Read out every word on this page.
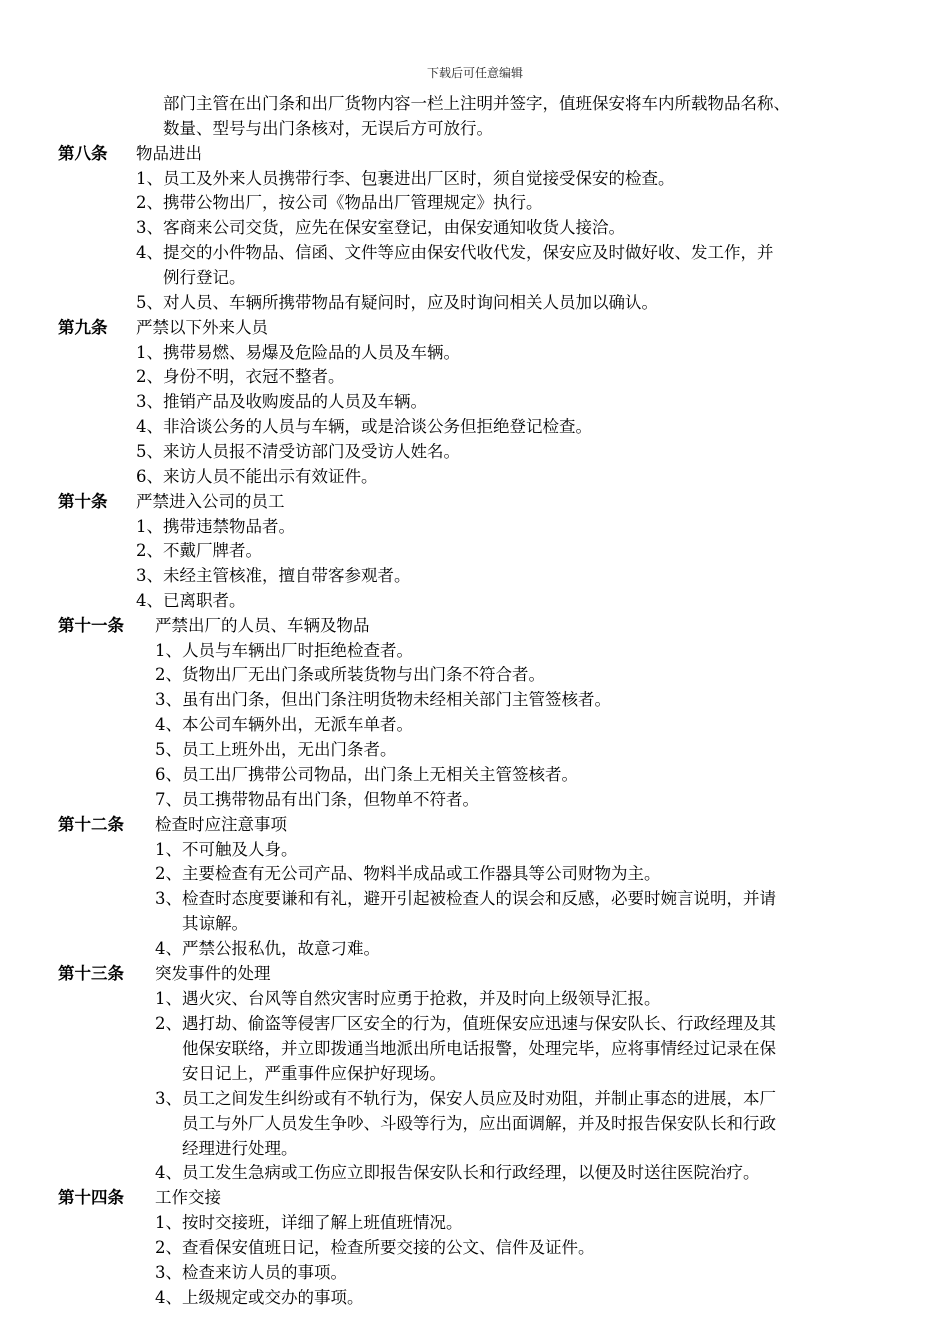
下载后可任意编辑
部门主管在出门条和出厂货物内容一栏上注明并签字，值班保安将车内所载物品名称、
数量、型号与出门条核对，无误后方可放行。
第八条 物品进出
1、员工及外来人员携带行李、包裹进出厂区时，须自觉接受保安的检查。
2、携带公物出厂，按公司《物品出厂管理规定》执行。
3、客商来公司交货，应先在保安室登记，由保安通知收货人接洽。
4、提交的小件物品、信函、文件等应由保安代收代发，保安应及时做好收、发工作，并
例行登记。
5、对人员、车辆所携带物品有疑问时，应及时询问相关人员加以确认。
第九条 严禁以下外来人员
1、携带易燃、易爆及危险品的人员及车辆。
2、身份不明，衣冠不整者。
3、推销产品及收购废品的人员及车辆。
4、非洽谈公务的人员与车辆，或是洽谈公务但拒绝登记检查。
5、来访人员报不清受访部门及受访人姓名。
6、来访人员不能出示有效证件。
第十条 严禁进入公司的员工
1、携带违禁物品者。
2、不戴厂牌者。
3、未经主管核准，擅自带客参观者。
4、已离职者。
第十一条 严禁出厂的人员、车辆及物品
1、人员与车辆出厂时拒绝检查者。
2、货物出厂无出门条或所装货物与出门条不符合者。
3、虽有出门条，但出门条注明货物未经相关部门主管签核者。
4、本公司车辆外出，无派车单者。
5、员工上班外出，无出门条者。
6、员工出厂携带公司物品，出门条上无相关主管签核者。
7、员工携带物品有出门条，但物单不符者。
第十二条 检查时应注意事项
1、不可触及人身。
2、主要检查有无公司产品、物料半成品或工作器具等公司财物为主。
3、检查时态度要谦和有礼，避开引起被检查人的误会和反感，必要时婉言说明，并请
其谅解。
4、严禁公报私仇，故意刁难。
第十三条 突发事件的处理
1、遇火灾、台风等自然灾害时应勇于抢救，并及时向上级领导汇报。
2、遇打劫、偷盗等侵害厂区安全的行为，值班保安应迅速与保安队长、行政经理及其
他保安联络，并立即拨通当地派出所电话报警，处理完毕，应将事情经过记录在保
安日记上，严重事件应保护好现场。
3、员工之间发生纠纷或有不轨行为，保安人员应及时劝阻，并制止事态的进展，本厂
员工与外厂人员发生争吵、斗殴等行为，应出面调解，并及时报告保安队长和行政
经理进行处理。
4、员工发生急病或工伤应立即报告保安队长和行政经理，以便及时送往医院治疗。
第十四条 工作交接
1、按时交接班，详细了解上班值班情况。
2、查看保安值班日记，检查所要交接的公文、信件及证件。
3、检查来访人员的事项。
4、上级规定或交办的事项。
